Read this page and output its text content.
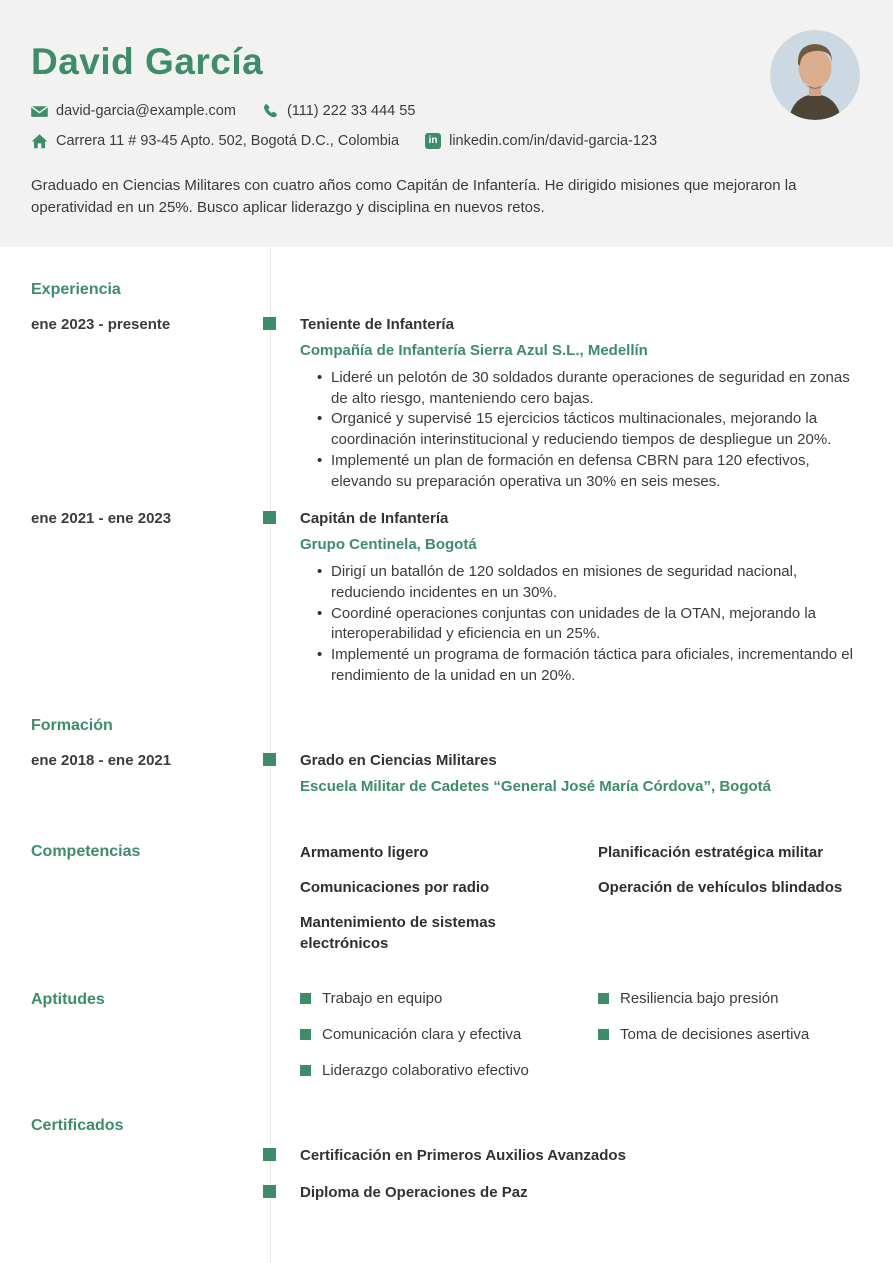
David García
david-garcia@example.com	(111) 222 33 444 55
Carrera 11 # 93-45 Apto. 502, Bogotá D.C., Colombia	in linkedin.com/in/david-garcia-123

Graduado en Ciencias Militares con cuatro años como Capitán de Infantería. He dirigido misiones que mejoraron la operatividad en un 25%. Busco aplicar liderazgo y disciplina en nuevos retos.

Experiencia
ene 2023 - presente	Teniente de Infantería
Compañía de Infantería Sierra Azul S.L., Medellín
• Lideré un pelotón de 30 soldados durante operaciones de seguridad en zonas de alto riesgo, manteniendo cero bajas.
• Organicé y supervisé 15 ejercicios tácticos multinacionales, mejorando la coordinación interinstitucional y reduciendo tiempos de despliegue un 20%.
• Implementé un plan de formación en defensa CBRN para 120 efectivos, elevando su preparación operativa un 30% en seis meses.
ene 2021 - ene 2023	Capitán de Infantería
Grupo Centinela, Bogotá
• Dirigí un batallón de 120 soldados en misiones de seguridad nacional, reduciendo incidentes en un 30%.
• Coordiné operaciones conjuntas con unidades de la OTAN, mejorando la interoperabilidad y eficiencia en un 25%.
• Implementé un programa de formación táctica para oficiales, incrementando el rendimiento de la unidad en un 20%.
Formación
ene 2018 - ene 2021	Grado en Ciencias Militares
Escuela Militar de Cadetes “General José María Córdova”, Bogotá
Competencias	Armamento ligero	Planificación estratégica militar
Comunicaciones por radio	Operación de vehículos blindados
Mantenimiento de sistemas electrónicos
Aptitudes	Trabajo en equipo	Resiliencia bajo presión
Comunicación clara y efectiva	Toma de decisiones asertiva
Liderazgo colaborativo efectivo
Certificados
Certificación en Primeros Auxilios Avanzados
Diploma de Operaciones de Paz
